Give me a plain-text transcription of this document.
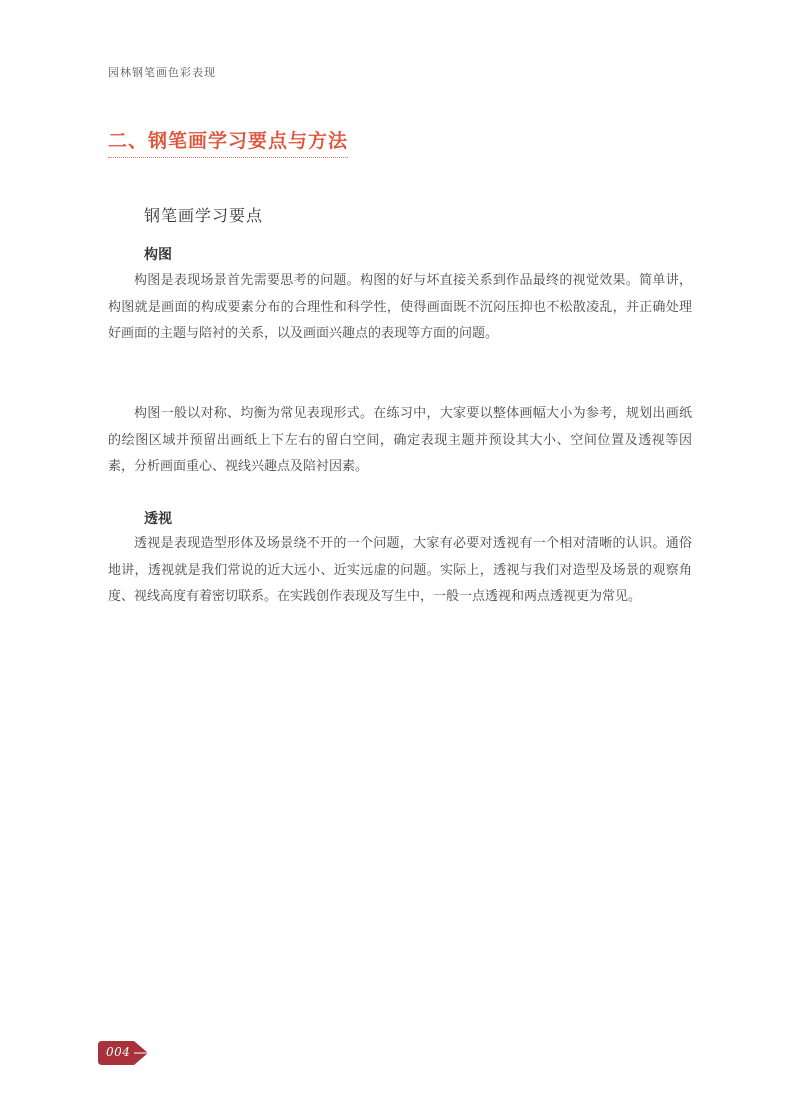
园林钢笔画色彩表现
二、钢笔画学习要点与方法
钢笔画学习要点
构图

构图是表现场景首先需要思考的问题。构图的好与坏直接关系到作品最终的视觉效果。简单讲，构图就是画面的构成要素分布的合理性和科学性，使得画面既不沉闷压抑也不松散凌乱，并正确处理好画面的主题与陪衬的关系，以及画面兴趣点的表现等方面的问题。

构图一般以对称、均衡为常见表现形式。在练习中，大家要以整体画幅大小为参考，规划出画纸的绘图区域并预留出画纸上下左右的留白空间，确定表现主题并预设其大小、空间位置及透视等因素，分析画面重心、视线兴趣点及陪衬因素。

透视

透视是表现造型形体及场景绕不开的一个问题，大家有必要对透视有一个相对清晰的认识。通俗地讲，透视就是我们常说的近大远小、近实远虚的问题。实际上，透视与我们对造型及场景的观察角度、视线高度有着密切联系。在实践创作表现及写生中，一般一点透视和两点透视更为常见。

004
